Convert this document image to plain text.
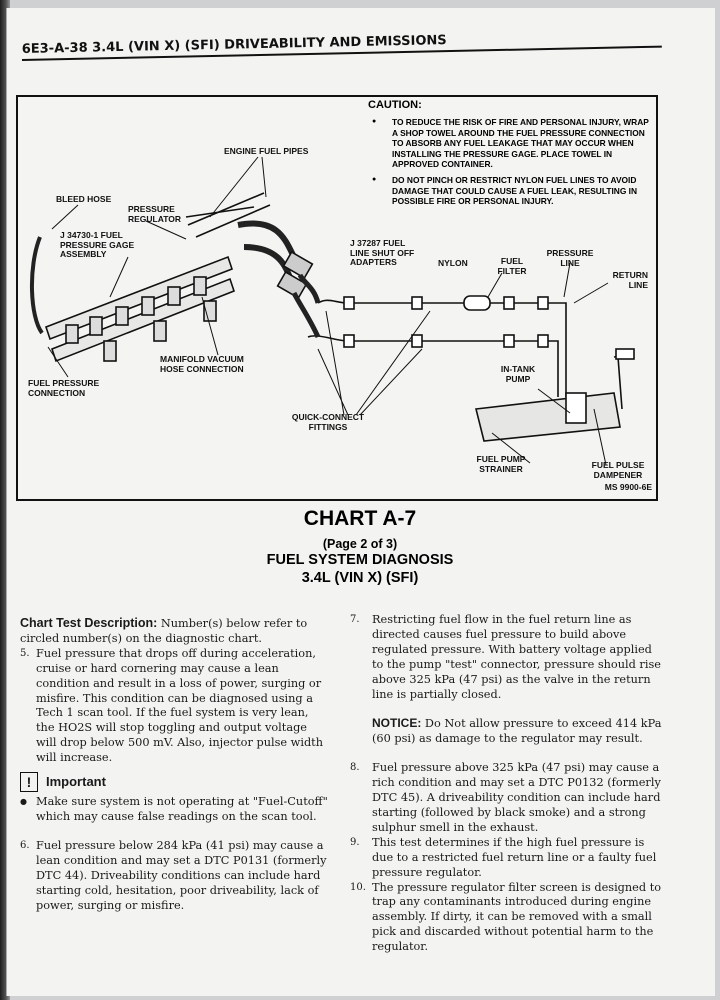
6E3-A-38 3.4L (VIN X) (SFI) DRIVEABILITY AND EMISSIONS
CAUTION:
● TO REDUCE THE RISK OF FIRE AND PERSONAL INJURY, WRAP A SHOP TOWEL AROUND THE FUEL PRESSURE CONNECTION TO ABSORB ANY FUEL LEAKAGE THAT MAY OCCUR WHEN INSTALLING THE PRESSURE GAGE. PLACE TOWEL IN APPROVED CONTAINER.
● DO NOT PINCH OR RESTRICT NYLON FUEL LINES TO AVOID DAMAGE THAT COULD CAUSE A FUEL LEAK, RESULTING IN POSSIBLE FIRE OR PERSONAL INJURY.
ENGINE FUEL PIPES
BLEED HOSE
PRESSURE REGULATOR
J 34730-1 FUEL PRESSURE GAGE ASSEMBLY
J 37287 FUEL LINE SHUT OFF ADAPTERS	NYLON	FUEL FILTER
PRESSURE LINE
RETURN LINE
MANIFOLD VACUUM HOSE CONNECTION
FUEL PRESSURE CONNECTION
QUICK-CONNECT FITTINGS
IN-TANK PUMP
FUEL PUMP STRAINER	FUEL PULSE DAMPENER
MS 9900-6E
CHART A-7
(Page 2 of 3)
FUEL SYSTEM DIAGNOSIS
3.4L (VIN X) (SFI)

Chart Test Description: Number(s) below refer to circled number(s) on the diagnostic chart.

5. Fuel pressure that drops off during acceleration, cruise or hard cornering may cause a lean condition and result in a loss of power, surging or misfire. This condition can be diagnosed using a Tech 1 scan tool. If the fuel system is very lean, the HO2S will stop toggling and output voltage will drop below 500 mV. Also, injector pulse width will increase.

!	Important

● Make sure system is not operating at "Fuel-Cutoff" which may cause false readings on the scan tool.

6. Fuel pressure below 284 kPa (41 psi) may cause a lean condition and may set a DTC P0131 (formerly DTC 44). Driveability conditions can include hard starting cold, hesitation, poor driveability, lack of power, surging or misfire.

7. Restricting fuel flow in the fuel return line as directed causes fuel pressure to build above regulated pressure. With battery voltage applied to the pump "test" connector, pressure should rise above 325 kPa (47 psi) as the valve in the return line is partially closed.

NOTICE: Do Not allow pressure to exceed 414 kPa (60 psi) as damage to the regulator may result.

8. Fuel pressure above 325 kPa (47 psi) may cause a rich condition and may set a DTC P0132 (formerly DTC 45). A driveability condition can include hard starting (followed by black smoke) and a strong sulphur smell in the exhaust.

9. This test determines if the high fuel pressure is due to a restricted fuel return line or a faulty fuel pressure regulator.

10. The pressure regulator filter screen is designed to trap any contaminants introduced during engine assembly. If dirty, it can be removed with a small pick and discarded without potential harm to the regulator.
